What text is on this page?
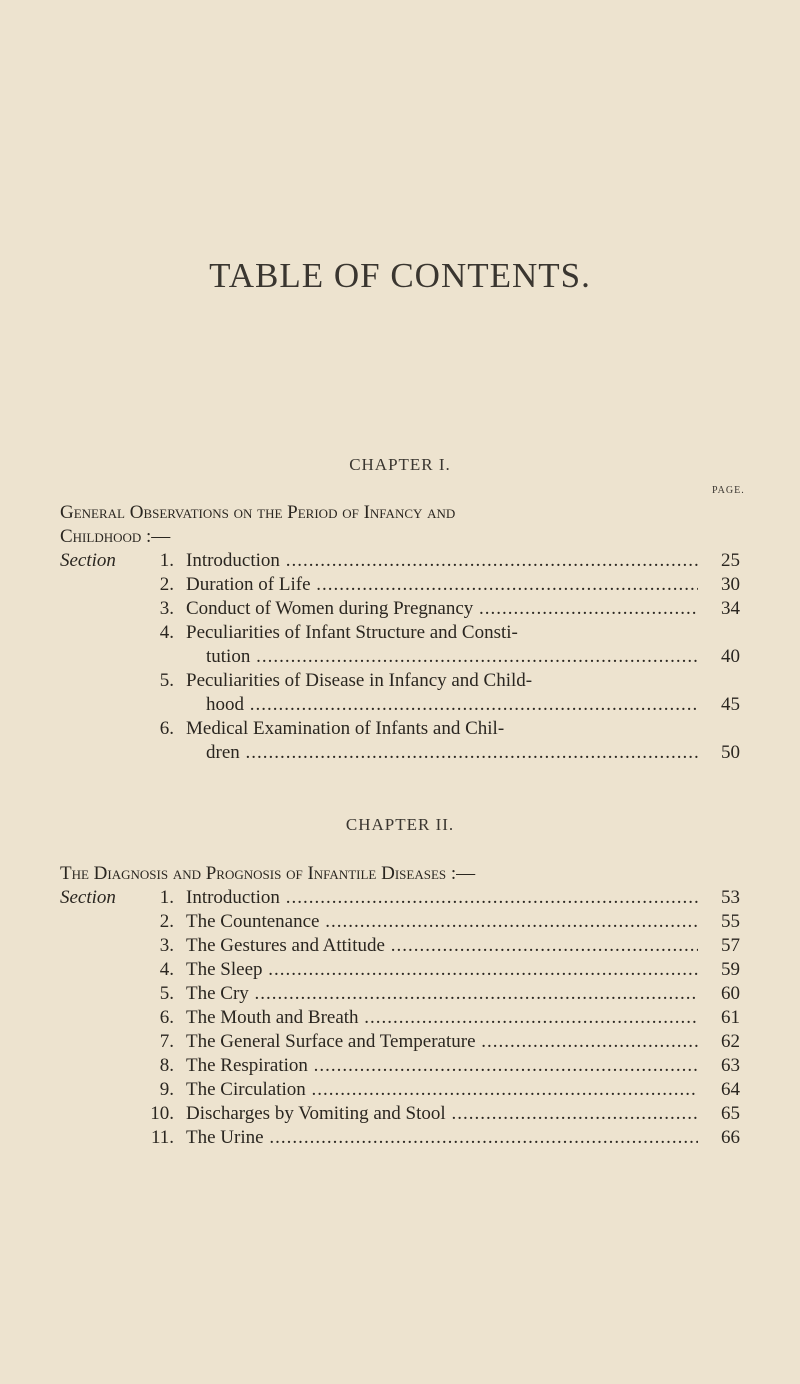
TABLE OF CONTENTS.
CHAPTER I.
PAGE.
General Observations on the Period of Infancy and
Childhood :—
Section	1. Introduction .....	25
2. Duration of Life .....	30
3. Conduct of Women during Pregnancy .....	34
4. Peculiarities of Infant Structure and Consti-
tution .....	40
5. Peculiarities of Disease in Infancy and Child-
hood .....	45
6. Medical Examination of Infants and Chil-
dren .....	50
CHAPTER II.
The Diagnosis and Prognosis of Infantile Diseases :—
Section	1. Introduction .....	53
2. The Countenance .....	55
3. The Gestures and Attitude .....	57
4. The Sleep .....	59
5. The Cry .....	60
6. The Mouth and Breath .....	61
7. The General Surface and Temperature .....	62
8. The Respiration .....	63
9. The Circulation .....	64
10. Discharges by Vomiting and Stool .....	65
11. The Urine .....	66
